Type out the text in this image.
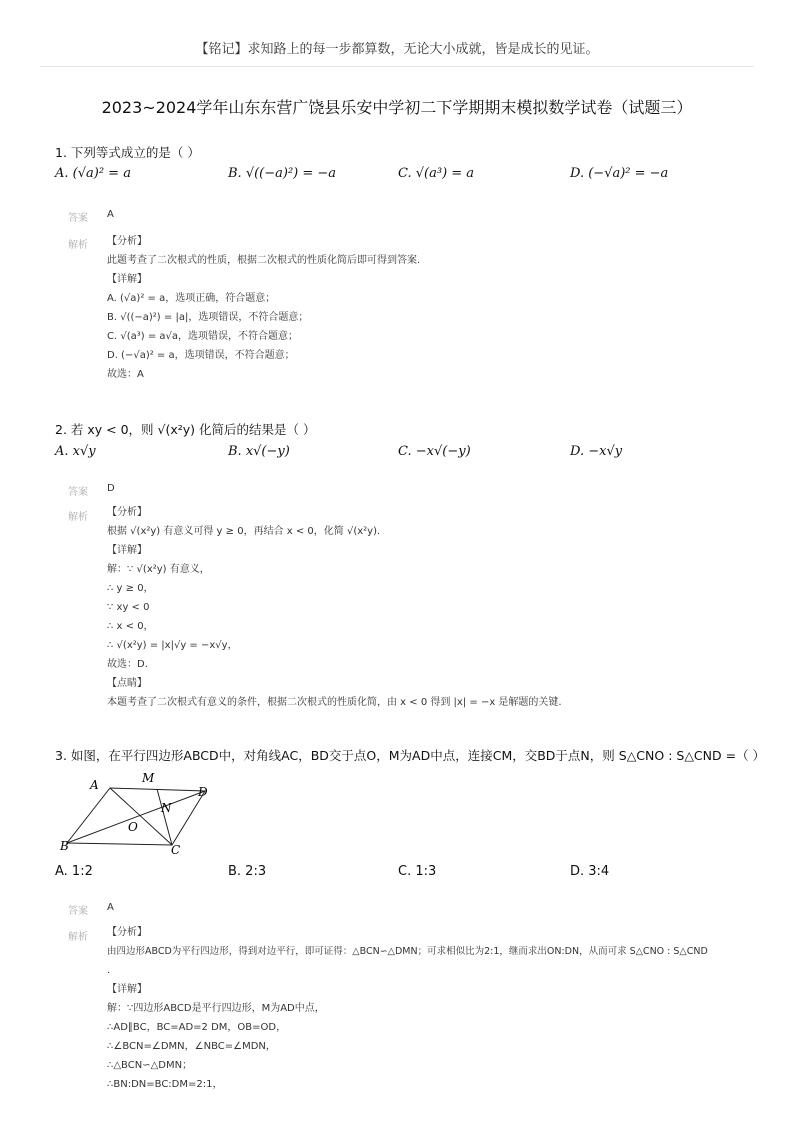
【铭记】求知路上的每一步都算数，无论大小成就，皆是成长的见证。
2023~2024学年山东东营广饶县乐安中学初二下学期期末模拟数学试卷（试题三）
1. 下列等式成立的是（ ）
A. (√a)² = a	B. √((−a)²) = −a	C. √(a³) = a	D. (−√a)² = −a
答案 A
解析 【分析】
此题考查了二次根式的性质，根据二次根式的性质化简后即可得到答案.
【详解】
A. (√a)² = a，选项正确，符合题意；
B. √((−a)²) = |a|，选项错误，不符合题意；
C. √(a³) = a√a，选项错误，不符合题意；
D. (−√a)² = a，选项错误，不符合题意；
故选：A
2. 若 xy < 0，则 √(x²y) 化简后的结果是（ ）
A. x√y	B. x√(−y)	C. −x√(−y)	D. −x√y
答案 D
解析 【分析】
根据 √(x²y) 有意义可得 y ≥ 0，再结合 x < 0，化简 √(x²y).
【详解】
解：∵ √(x²y) 有意义，
∴ y ≥ 0，
∵ xy < 0
∴ x < 0，
∴ √(x²y) = |x|√y = −x√y，
故选：D.
【点睛】
本题考查了二次根式有意义的条件，根据二次根式的性质化简，由 x < 0 得到 |x| = −x 是解题的关键.
3. 如图，在平行四边形ABCD中，对角线AC，BD交于点O，M为AD中点，连接CM，交BD于点N，则 S△CNO : S△CND =（ ）
A	M
D
N
O
B	C
A. 1:2	B. 2:3	C. 1:3	D. 3:4
答案 A
解析 【分析】
由四边形ABCD为平行四边形，得到对边平行，即可证得：△BCN∽△DMN；可求相似比为2:1，继而求出ON:DN，从而可求 S△CNO : S△CND
.
【详解】
解：∵四边形ABCD是平行四边形，M为AD中点，
∴AD∥BC，BC=AD=2 DM，OB=OD，
∴∠BCN=∠DMN，∠NBC=∠MDN，
∴△BCN∽△DMN；
∴BN:DN=BC:DM=2:1，
